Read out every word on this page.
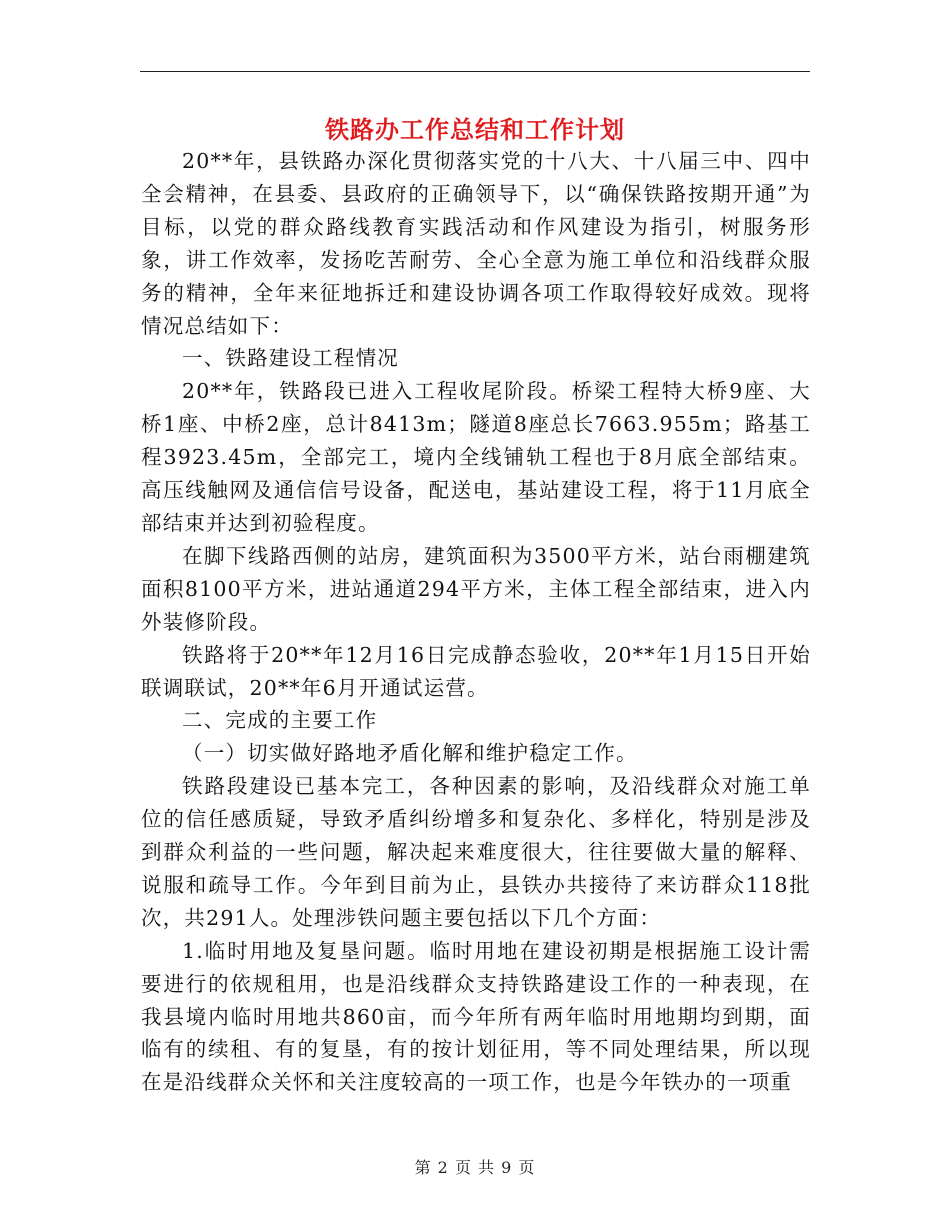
铁路办工作总结和工作计划

20**年，县铁路办深化贯彻落实党的十八大、十八届三中、四中全会精神，在县委、县政府的正确领导下，以“确保铁路按期开通”为目标，以党的群众路线教育实践活动和作风建设为指引，树服务形象，讲工作效率，发扬吃苦耐劳、全心全意为施工单位和沿线群众服务的精神，全年来征地拆迁和建设协调各项工作取得较好成效。现将情况总结如下：

一、铁路建设工程情况

20**年，铁路段已进入工程收尾阶段。桥梁工程特大桥9座、大桥1座、中桥2座，总计8413m；隧道8座总长7663.955m；路基工程3923.45m，全部完工，境内全线铺轨工程也于8月底全部结束。高压线触网及通信信号设备，配送电，基站建设工程，将于11月底全部结束并达到初验程度。

在脚下线路西侧的站房，建筑面积为3500平方米，站台雨棚建筑面积8100平方米，进站通道294平方米，主体工程全部结束，进入内外装修阶段。

铁路将于20**年12月16日完成静态验收，20**年1月15日开始联调联试，20**年6月开通试运营。

二、完成的主要工作

（一）切实做好路地矛盾化解和维护稳定工作。

铁路段建设已基本完工，各种因素的影响，及沿线群众对施工单位的信任感质疑，导致矛盾纠纷增多和复杂化、多样化，特别是涉及到群众利益的一些问题，解决起来难度很大，往往要做大量的解释、说服和疏导工作。今年到目前为止，县铁办共接待了来访群众118批次，共291人。处理涉铁问题主要包括以下几个方面：

1.临时用地及复垦问题。临时用地在建设初期是根据施工设计需要进行的依规租用，也是沿线群众支持铁路建设工作的一种表现，在我县境内临时用地共860亩，而今年所有两年临时用地期均到期，面临有的续租、有的复垦，有的按计划征用，等不同处理结果，所以现在是沿线群众关怀和关注度较高的一项工作，也是今年铁办的一项重

第 2 页 共 9 页
